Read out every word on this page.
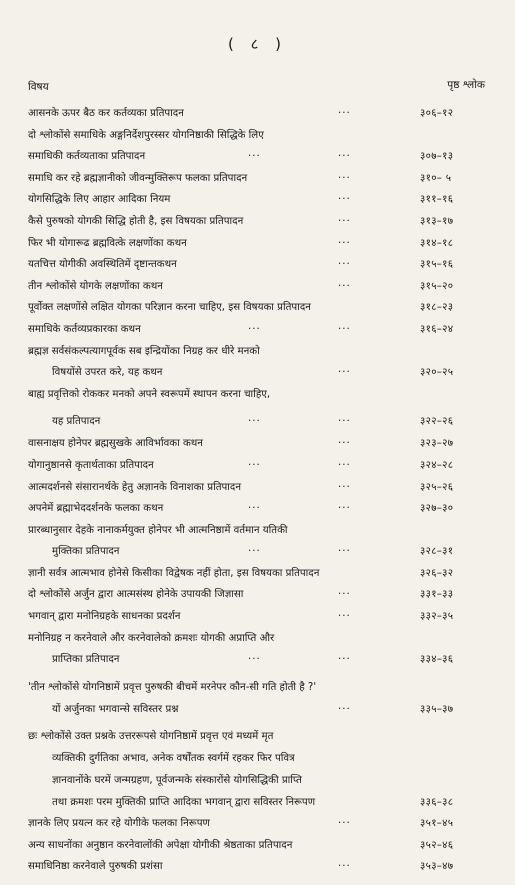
( ८ )
विषय	पृष्ठ श्लोक
आसनके ऊपर बैठ कर कर्तव्यका प्रतिपादन	...	३०६–१२
दो श्लोकोंसे समाधिके अङ्गनिर्देशपुरस्सर योगनिष्ठाकी सिद्धिके लिए
समाधिकी कर्तव्यताका प्रतिपादन	...	...	३०७–१३
समाधि कर रहे ब्रह्मज्ञानीको जीवन्मुक्तिरूप फलका प्रतिपादन	...	३१०– ५
योगसिद्धिके लिए आहार आदिका नियम	...	३११–१६
कैसे पुरुषको योगकी सिद्धि होती है, इस विषयका प्रतिपादन	...	३१३–१७
फिर भी योगारूढ ब्रह्मवित्के लक्षणोंका कथन	...	३१४–१८
यतचित्त योगीकी अवस्थितिमें दृष्टान्तकथन	...	३१५–१६
तीन श्लोकोंसे योगके लक्षणोंका कथन	...	३१५–२०
पूर्वोक्त लक्षणोंसे लक्षित योगका परिज्ञान करना चाहिए, इस विषयका प्रतिपादन	३१८–२३
समाधिके कर्तव्यप्रकारका कथन	...	...	३१६–२४
ब्रह्मज्ञ सर्वसंकल्पत्यागपूर्वक सब इन्द्रियोंका निग्रह कर धीरे मनको
विषयोंसे उपरत करे, यह कथन	...	३२०–२५
बाह्य प्रवृत्तिको रोककर मनको अपने स्वरूपमें स्थापन करना चाहिए,
यह प्रतिपादन	...	...	३२२–२६
वासनाक्षय होनेपर ब्रह्मसुखके आविर्भावका कथन	...	३२३–२७
योगानुष्ठानसे कृतार्थताका प्रतिपादन	...	...	३२४–२८
आत्मदर्शनसे संसारानर्थके हेतु अज्ञानके विनाशका प्रतिपादन	...	३२५–२६
अपनेमें ब्रह्माभेददर्शनके फलका कथन	...	...	३२७–३०
प्रारब्धानुसार देहके नानाकर्मयुक्त होनेपर भी आत्मनिष्ठामें वर्तमान यतिकी
मुक्तिका प्रतिपादन	...	...	३२८–३१
ज्ञानी सर्वत्र आत्मभाव होनेसे किसीका विद्वेषक नहीं होता, इस विषयका प्रतिपादन	३२६–३२
दो श्लोकोंसे अर्जुन द्वारा आत्मसंस्थ होनेके उपायकी जिज्ञासा	...	३३१–३३
भगवान् द्वारा मनोनिग्रहके साधनका प्रदर्शन	...	३३२–३५
मनोनिग्रह न करनेवाले और करनेवालेको क्रमशः योगकी अप्राप्ति और
प्राप्तिका प्रतिपादन	...	...	३३४–३६
'तीन श्लोकोंसे योगनिष्ठामें प्रवृत्त पुरुषकी बीचमें मरनेपर कौन-सी गति होती है ?'
यों अर्जुनका भगवान्से सविस्तर प्रश्न	...	३३५–३७
छः श्लोकोंसे उक्त प्रश्नके उत्तररूपसे योगनिष्ठामें प्रवृत्त एवं मध्यमें मृत
व्यक्तिकी दुर्गतिका अभाव, अनेक वर्षोंतक स्वर्गमें रहकर फिर पवित्र
ज्ञानवानोंके घरमें जन्मग्रहण, पूर्वजन्मके संस्कारोंसे योगसिद्धिकी प्राप्ति
तथा क्रमशः परम मुक्तिकी प्राप्ति आदिका भगवान् द्वारा सविस्तर निरूपण	३३६–३८
ज्ञानके लिए प्रयत्न कर रहे योगीके फलका निरूपण	...	३५१–४५
अन्य साधनोंका अनुष्ठान करनेवालोंकी अपेक्षा योगीकी श्रेष्ठताका प्रतिपादन	३५२–४६
समाधिनिष्ठा करनेवाले पुरुषकी प्रशंसा	...	३५३–४७
